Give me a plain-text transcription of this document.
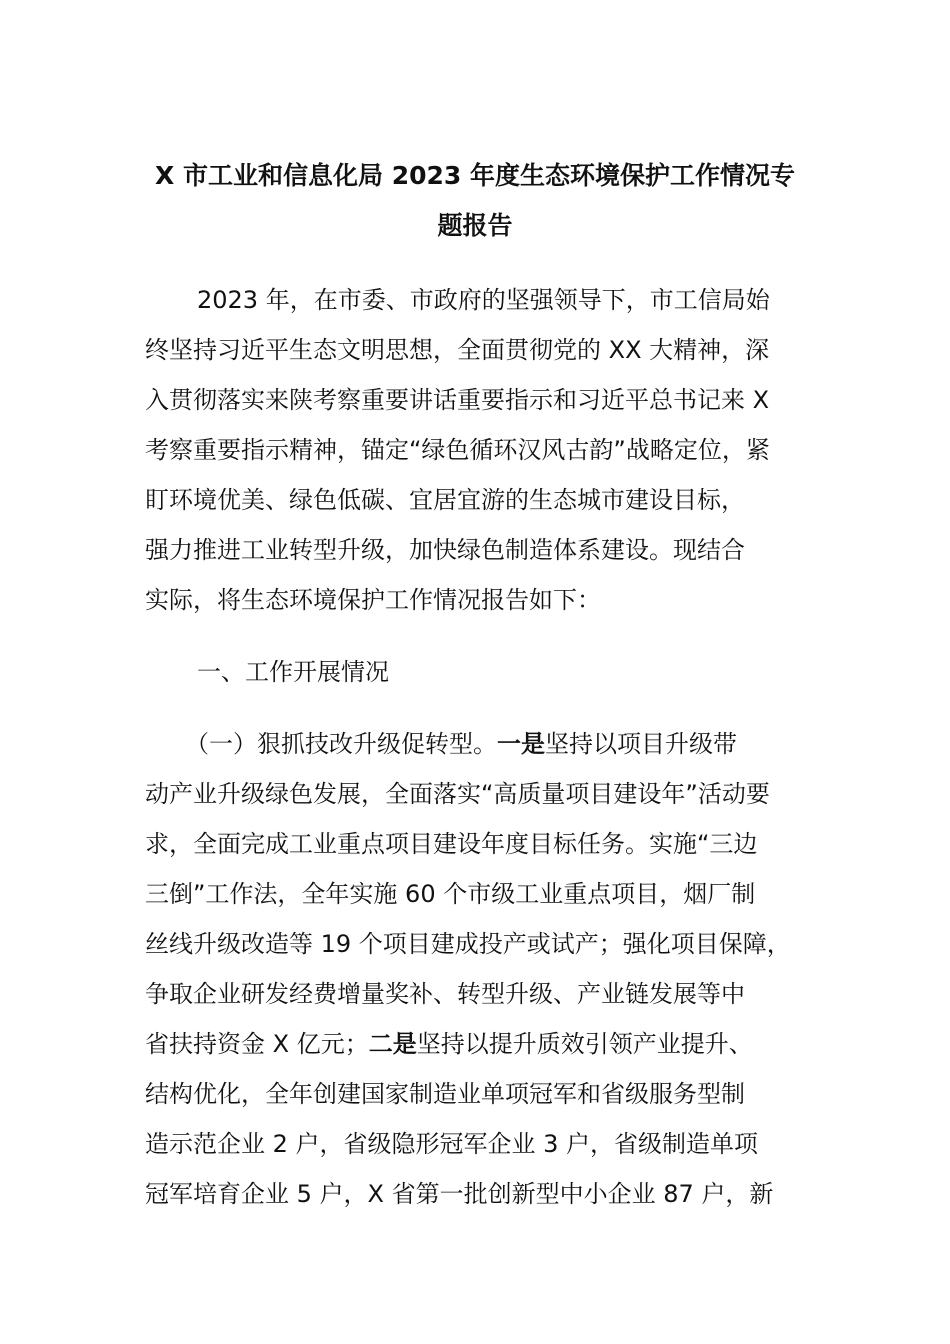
X 市工业和信息化局 2023 年度生态环境保护工作情况专
题报告
2023 年，在市委、市政府的坚强领导下，市工信局始
终坚持习近平生态文明思想，全面贯彻党的 XX 大精神，深
入贯彻落实来陕考察重要讲话重要指示和习近平总书记来 X
考察重要指示精神，锚定“绿色循环汉风古韵”战略定位，紧
盯环境优美、绿色低碳、宜居宜游的生态城市建设目标，
强力推进工业转型升级，加快绿色制造体系建设。现结合
实际，将生态环境保护工作情况报告如下：
一、工作开展情况
（一）狠抓技改升级促转型。一是坚持以项目升级带
动产业升级绿色发展，全面落实“高质量项目建设年”活动要
求，全面完成工业重点项目建设年度目标任务。实施“三边
三倒”工作法，全年实施 60 个市级工业重点项目，烟厂制
丝线升级改造等 19 个项目建成投产或试产；强化项目保障，
争取企业研发经费增量奖补、转型升级、产业链发展等中
省扶持资金 X 亿元；二是坚持以提升质效引领产业提升、
结构优化，全年创建国家制造业单项冠军和省级服务型制
造示范企业 2 户，省级隐形冠军企业 3 户，省级制造单项
冠军培育企业 5 户，X 省第一批创新型中小企业 87 户，新
